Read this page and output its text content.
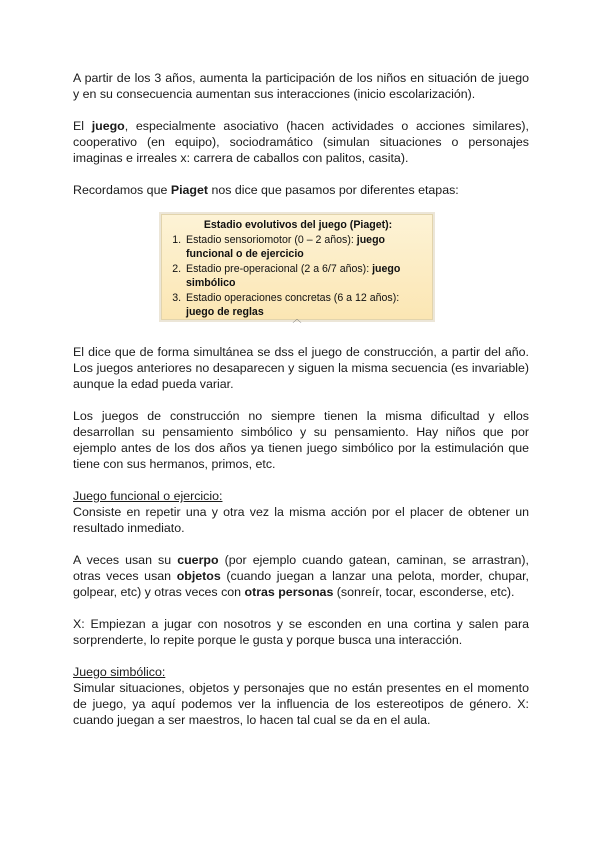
A partir de los 3 años, aumenta la participación de los niños en situación de juego y en su consecuencia aumentan sus interacciones (inicio escolarización).

El juego, especialmente asociativo (hacen actividades o acciones similares), cooperativo (en equipo), sociodramático (simulan situaciones o personajes imaginas e irreales x: carrera de caballos con palitos, casita).

Recordamos que Piaget nos dice que pasamos por diferentes etapas:

Estadio evolutivos del juego (Piaget):
1. Estadio sensoriomotor (0 – 2 años): juego funcional o de ejercicio
2. Estadio pre-operacional (2 a 6/7 años): juego simbólico
3. Estadio operaciones concretas (6 a 12 años): juego de reglas
︿

El dice que de forma simultánea se dss el juego de construcción, a partir del año. Los juegos anteriores no desaparecen y siguen la misma secuencia (es invariable) aunque la edad pueda variar.

Los juegos de construcción no siempre tienen la misma dificultad y ellos desarrollan su pensamiento simbólico y su pensamiento. Hay niños que por ejemplo antes de los dos años ya tienen juego simbólico por la estimulación que tiene con sus hermanos, primos, etc.

Juego funcional o ejercicio:

Consiste en repetir una y otra vez la misma acción por el placer de obtener un resultado inmediato.

A veces usan su cuerpo (por ejemplo cuando gatean, caminan, se arrastran), otras veces usan objetos (cuando juegan a lanzar una pelota, morder, chupar, golpear, etc) y otras veces con otras personas (sonreír, tocar, esconderse, etc).

X: Empiezan a jugar con nosotros y se esconden en una cortina y salen para sorprenderte, lo repite porque le gusta y porque busca una interacción.

Juego simbólico:

Simular situaciones, objetos y personajes que no están presentes en el momento de juego, ya aquí podemos ver la influencia de los estereotipos de género. X: cuando juegan a ser maestros, lo hacen tal cual se da en el aula.
